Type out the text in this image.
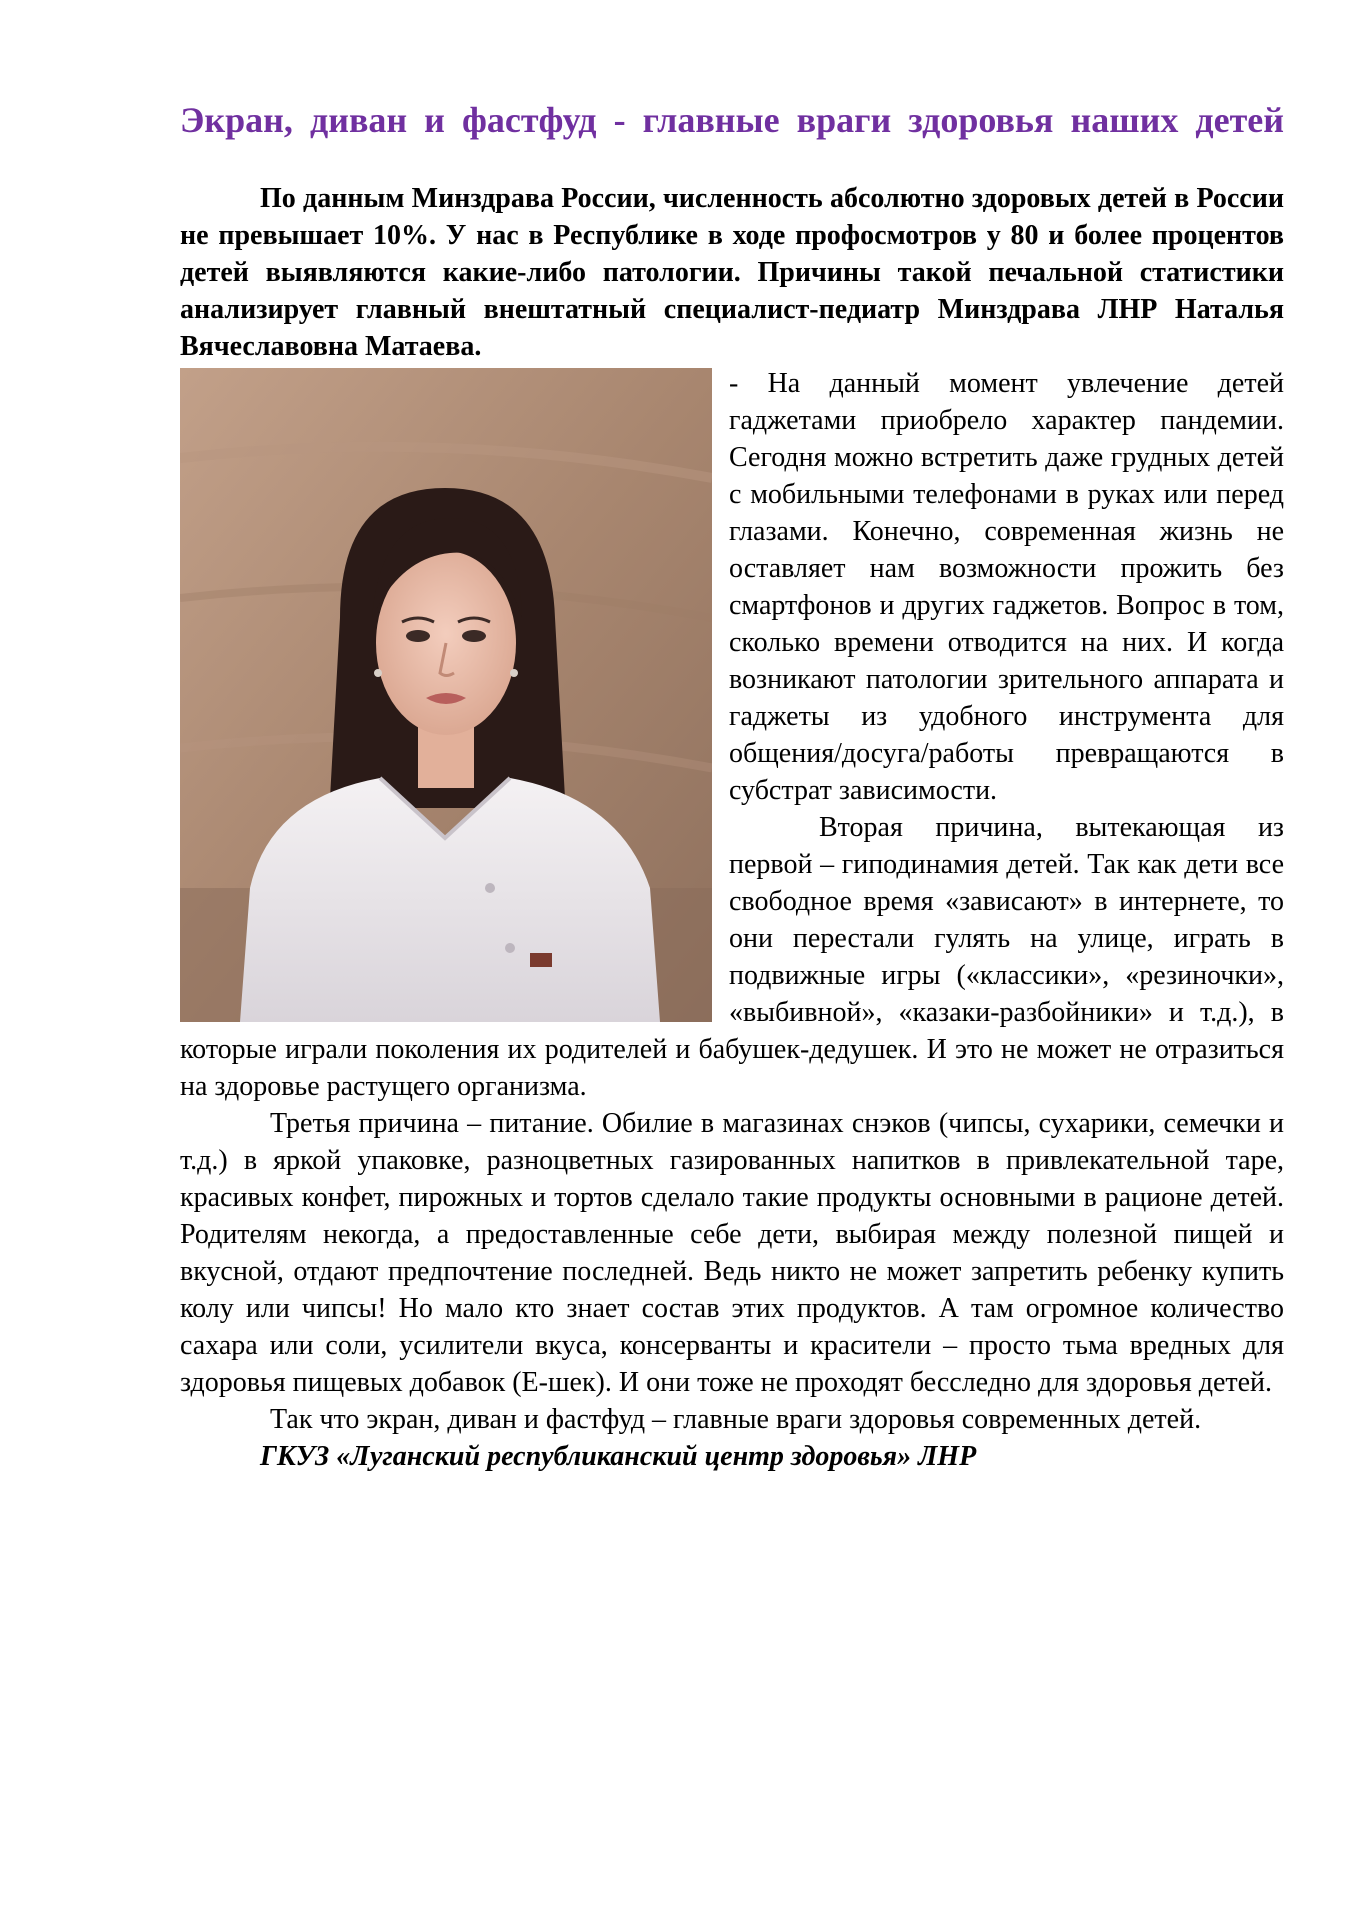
Экран, диван и фастфуд - главные враги здоровья наших детей

По данным Минздрава России, численность абсолютно здоровых детей в России не превышает 10%. У нас в Республике в ходе профосмотров у 80 и более процентов детей выявляются какие-либо патологии. Причины такой печальной статистики анализирует главный внештатный специалист-педиатр Минздрава ЛНР Наталья Вячеславовна Матаева.

- На данный момент увлечение детей гаджетами приобрело характер пандемии. Сегодня можно встретить даже грудных детей с мобильными телефонами в руках или перед глазами. Конечно, современная жизнь не оставляет нам возможности прожить без смартфонов и других гаджетов. Вопрос в том, сколько времени отводится на них. И когда возникают патологии зрительного аппарата и гаджеты из удобного инструмента для общения/досуга/работы превращаются в субстрат зависимости.

Вторая причина, вытекающая из первой – гиподинамия детей. Так как дети все свободное время «зависают» в интернете, то они перестали гулять на улице, играть в подвижные игры («классики», «резиночки», «выбивной», «казаки-разбойники» и т.д.), в которые играли поколения их родителей и бабушек-дедушек. И это не может не отразиться на здоровье растущего организма.

Третья причина – питание. Обилие в магазинах снэков (чипсы, сухарики, семечки и т.д.) в яркой упаковке, разноцветных газированных напитков в привлекательной таре, красивых конфет, пирожных и тортов сделало такие продукты основными в рационе детей. Родителям некогда, а предоставленные себе дети, выбирая между полезной пищей и вкусной, отдают предпочтение последней. Ведь никто не может запретить ребенку купить колу или чипсы! Но мало кто знает состав этих продуктов. А там огромное количество сахара или соли, усилители вкуса, консерванты и красители – просто тьма вредных для здоровья пищевых добавок (Е-шек). И они тоже не проходят бесследно для здоровья детей.

Так что экран, диван и фастфуд – главные враги здоровья современных детей.

ГКУЗ «Луганский республиканский центр здоровья» ЛНР
